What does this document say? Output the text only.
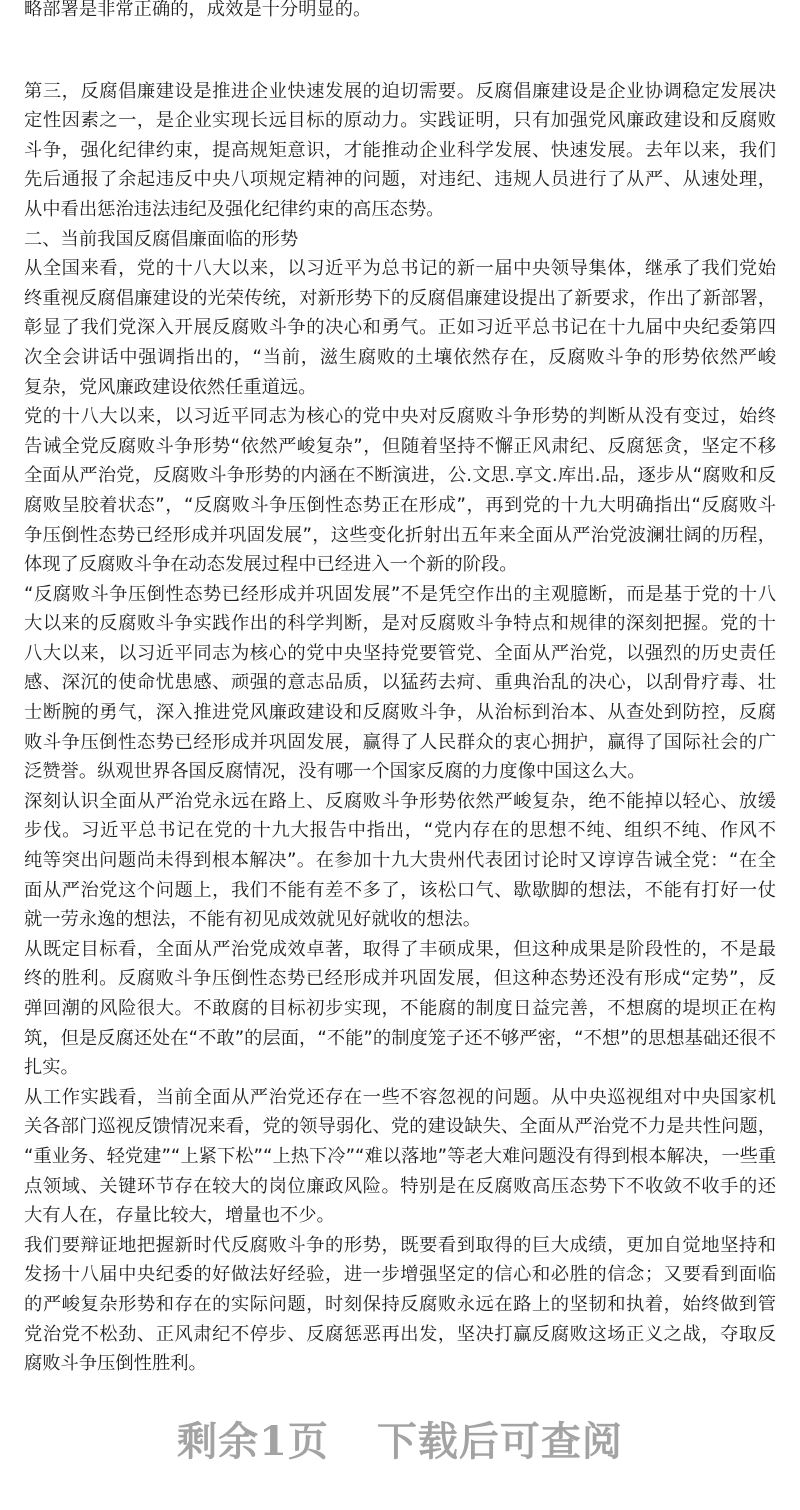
略部署是非常正确的，成效是十分明显的。
第三，反腐倡廉建设是推进企业快速发展的迫切需要。反腐倡廉建设是企业协调稳定发展决
定性因素之一，是企业实现长远目标的原动力。实践证明，只有加强党风廉政建设和反腐败
斗争，强化纪律约束，提高规矩意识，才能推动企业科学发展、快速发展。去年以来，我们
先后通报了余起违反中央八项规定精神的问题，对违纪、违规人员进行了从严、从速处理，
从中看出惩治违法违纪及强化纪律约束的高压态势。
二、当前我国反腐倡廉面临的形势
从全国来看，党的十八大以来，以习近平为总书记的新一届中央领导集体，继承了我们党始
终重视反腐倡廉建设的光荣传统，对新形势下的反腐倡廉建设提出了新要求，作出了新部署，
彰显了我们党深入开展反腐败斗争的决心和勇气。正如习近平总书记在十九届中央纪委第四
次全会讲话中强调指出的，“当前，滋生腐败的土壤依然存在，反腐败斗争的形势依然严峻
复杂，党风廉政建设依然任重道远。
党的十八大以来，以习近平同志为核心的党中央对反腐败斗争形势的判断从没有变过，始终
告诫全党反腐败斗争形势“依然严峻复杂”，但随着坚持不懈正风肃纪、反腐惩贪，坚定不移
全面从严治党，反腐败斗争形势的内涵在不断演进，公.文思.享文.库出.品，逐步从“腐败和反
腐败呈胶着状态”，“反腐败斗争压倒性态势正在形成”，再到党的十九大明确指出“反腐败斗
争压倒性态势已经形成并巩固发展”，这些变化折射出五年来全面从严治党波澜壮阔的历程，
体现了反腐败斗争在动态发展过程中已经进入一个新的阶段。
“反腐败斗争压倒性态势已经形成并巩固发展”不是凭空作出的主观臆断，而是基于党的十八
大以来的反腐败斗争实践作出的科学判断，是对反腐败斗争特点和规律的深刻把握。党的十
八大以来，以习近平同志为核心的党中央坚持党要管党、全面从严治党，以强烈的历史责任
感、深沉的使命忧患感、顽强的意志品质，以猛药去疴、重典治乱的决心，以刮骨疗毒、壮
士断腕的勇气，深入推进党风廉政建设和反腐败斗争，从治标到治本、从查处到防控，反腐
败斗争压倒性态势已经形成并巩固发展，赢得了人民群众的衷心拥护，赢得了国际社会的广
泛赞誉。纵观世界各国反腐情况，没有哪一个国家反腐的力度像中国这么大。
深刻认识全面从严治党永远在路上、反腐败斗争形势依然严峻复杂，绝不能掉以轻心、放缓
步伐。习近平总书记在党的十九大报告中指出，“党内存在的思想不纯、组织不纯、作风不
纯等突出问题尚未得到根本解决”。在参加十九大贵州代表团讨论时又谆谆告诫全党：“在全
面从严治党这个问题上，我们不能有差不多了，该松口气、歇歇脚的想法，不能有打好一仗
就一劳永逸的想法，不能有初见成效就见好就收的想法。
从既定目标看，全面从严治党成效卓著，取得了丰硕成果，但这种成果是阶段性的，不是最
终的胜利。反腐败斗争压倒性态势已经形成并巩固发展，但这种态势还没有形成“定势”，反
弹回潮的风险很大。不敢腐的目标初步实现，不能腐的制度日益完善，不想腐的堤坝正在构
筑，但是反腐还处在“不敢”的层面，“不能”的制度笼子还不够严密，“不想”的思想基础还很不
扎实。
从工作实践看，当前全面从严治党还存在一些不容忽视的问题。从中央巡视组对中央国家机
关各部门巡视反馈情况来看，党的领导弱化、党的建设缺失、全面从严治党不力是共性问题，
“重业务、轻党建”“上紧下松”“上热下冷”“难以落地”等老大难问题没有得到根本解决，一些重
点领域、关键环节存在较大的岗位廉政风险。特别是在反腐败高压态势下不收敛不收手的还
大有人在，存量比较大，增量也不少。
我们要辩证地把握新时代反腐败斗争的形势，既要看到取得的巨大成绩，更加自觉地坚持和
发扬十八届中央纪委的好做法好经验，进一步增强坚定的信心和必胜的信念；又要看到面临
的严峻复杂形势和存在的实际问题，时刻保持反腐败永远在路上的坚韧和执着，始终做到管
党治党不松劲、正风肃纪不停步、反腐惩恶再出发，坚决打赢反腐败这场正义之战，夺取反
腐败斗争压倒性胜利。
剩余1页 下载后可查阅
